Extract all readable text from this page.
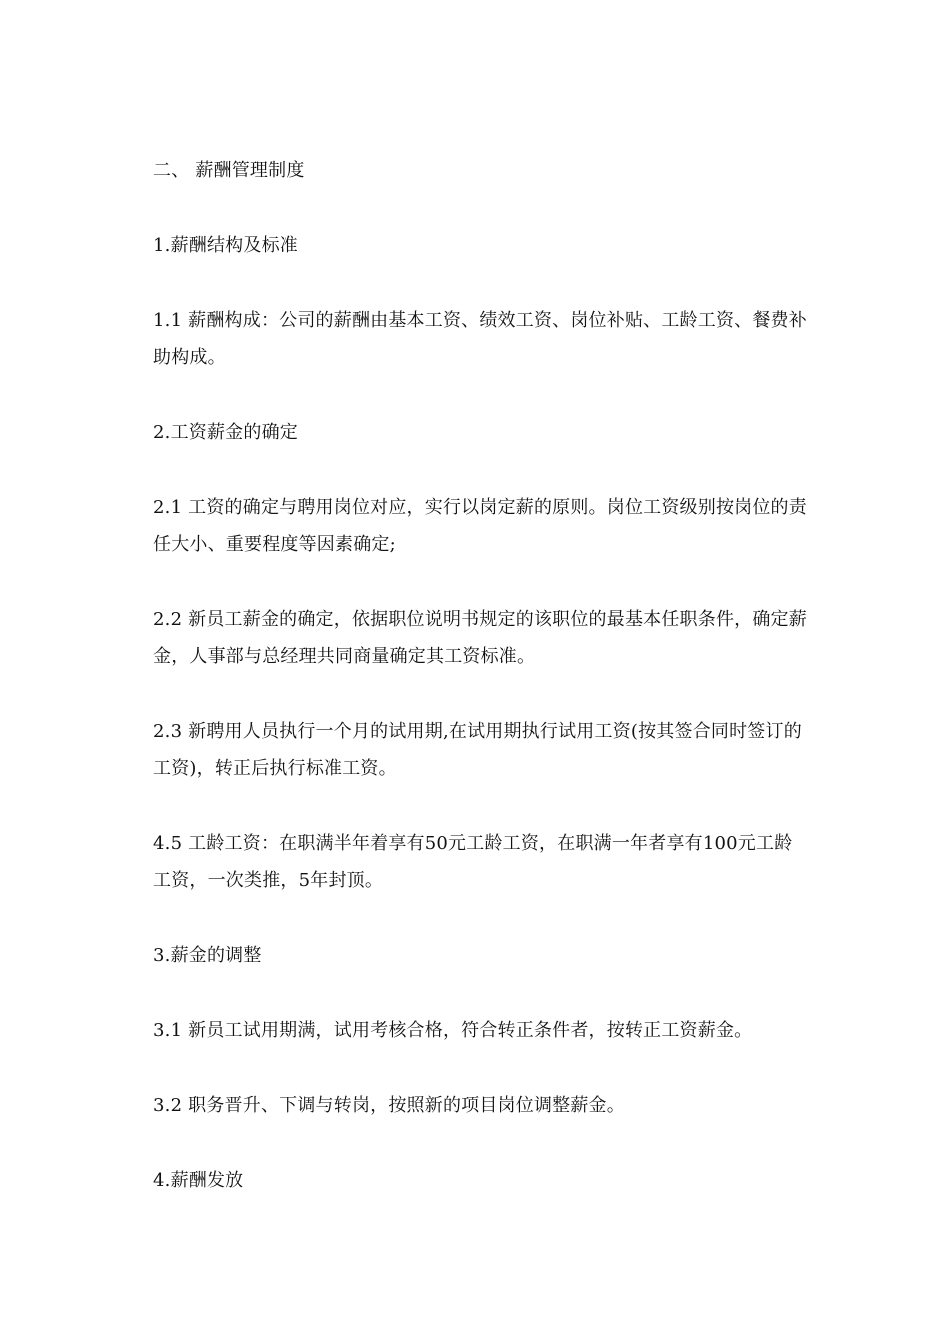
二、 薪酬管理制度

1.薪酬结构及标准

1.1 薪酬构成：公司的薪酬由基本工资、绩效工资、岗位补贴、工龄工资、餐费补助构成。

2.工资薪金的确定

2.1 工资的确定与聘用岗位对应，实行以岗定薪的原则。岗位工资级别按岗位的责任大小、重要程度等因素确定;

2.2 新员工薪金的确定，依据职位说明书规定的该职位的最基本任职条件，确定薪金，人事部与总经理共同商量确定其工资标准。

2.3 新聘用人员执行一个月的试用期,在试用期执行试用工资(按其签合同时签订的工资)，转正后执行标准工资。

4.5 工龄工资：在职满半年着享有50元工龄工资，在职满一年者享有100元工龄工资，一次类推，5年封顶。

3.薪金的调整

3.1 新员工试用期满，试用考核合格，符合转正条件者，按转正工资薪金。

3.2 职务晋升、下调与转岗，按照新的项目岗位调整薪金。

4.薪酬发放
